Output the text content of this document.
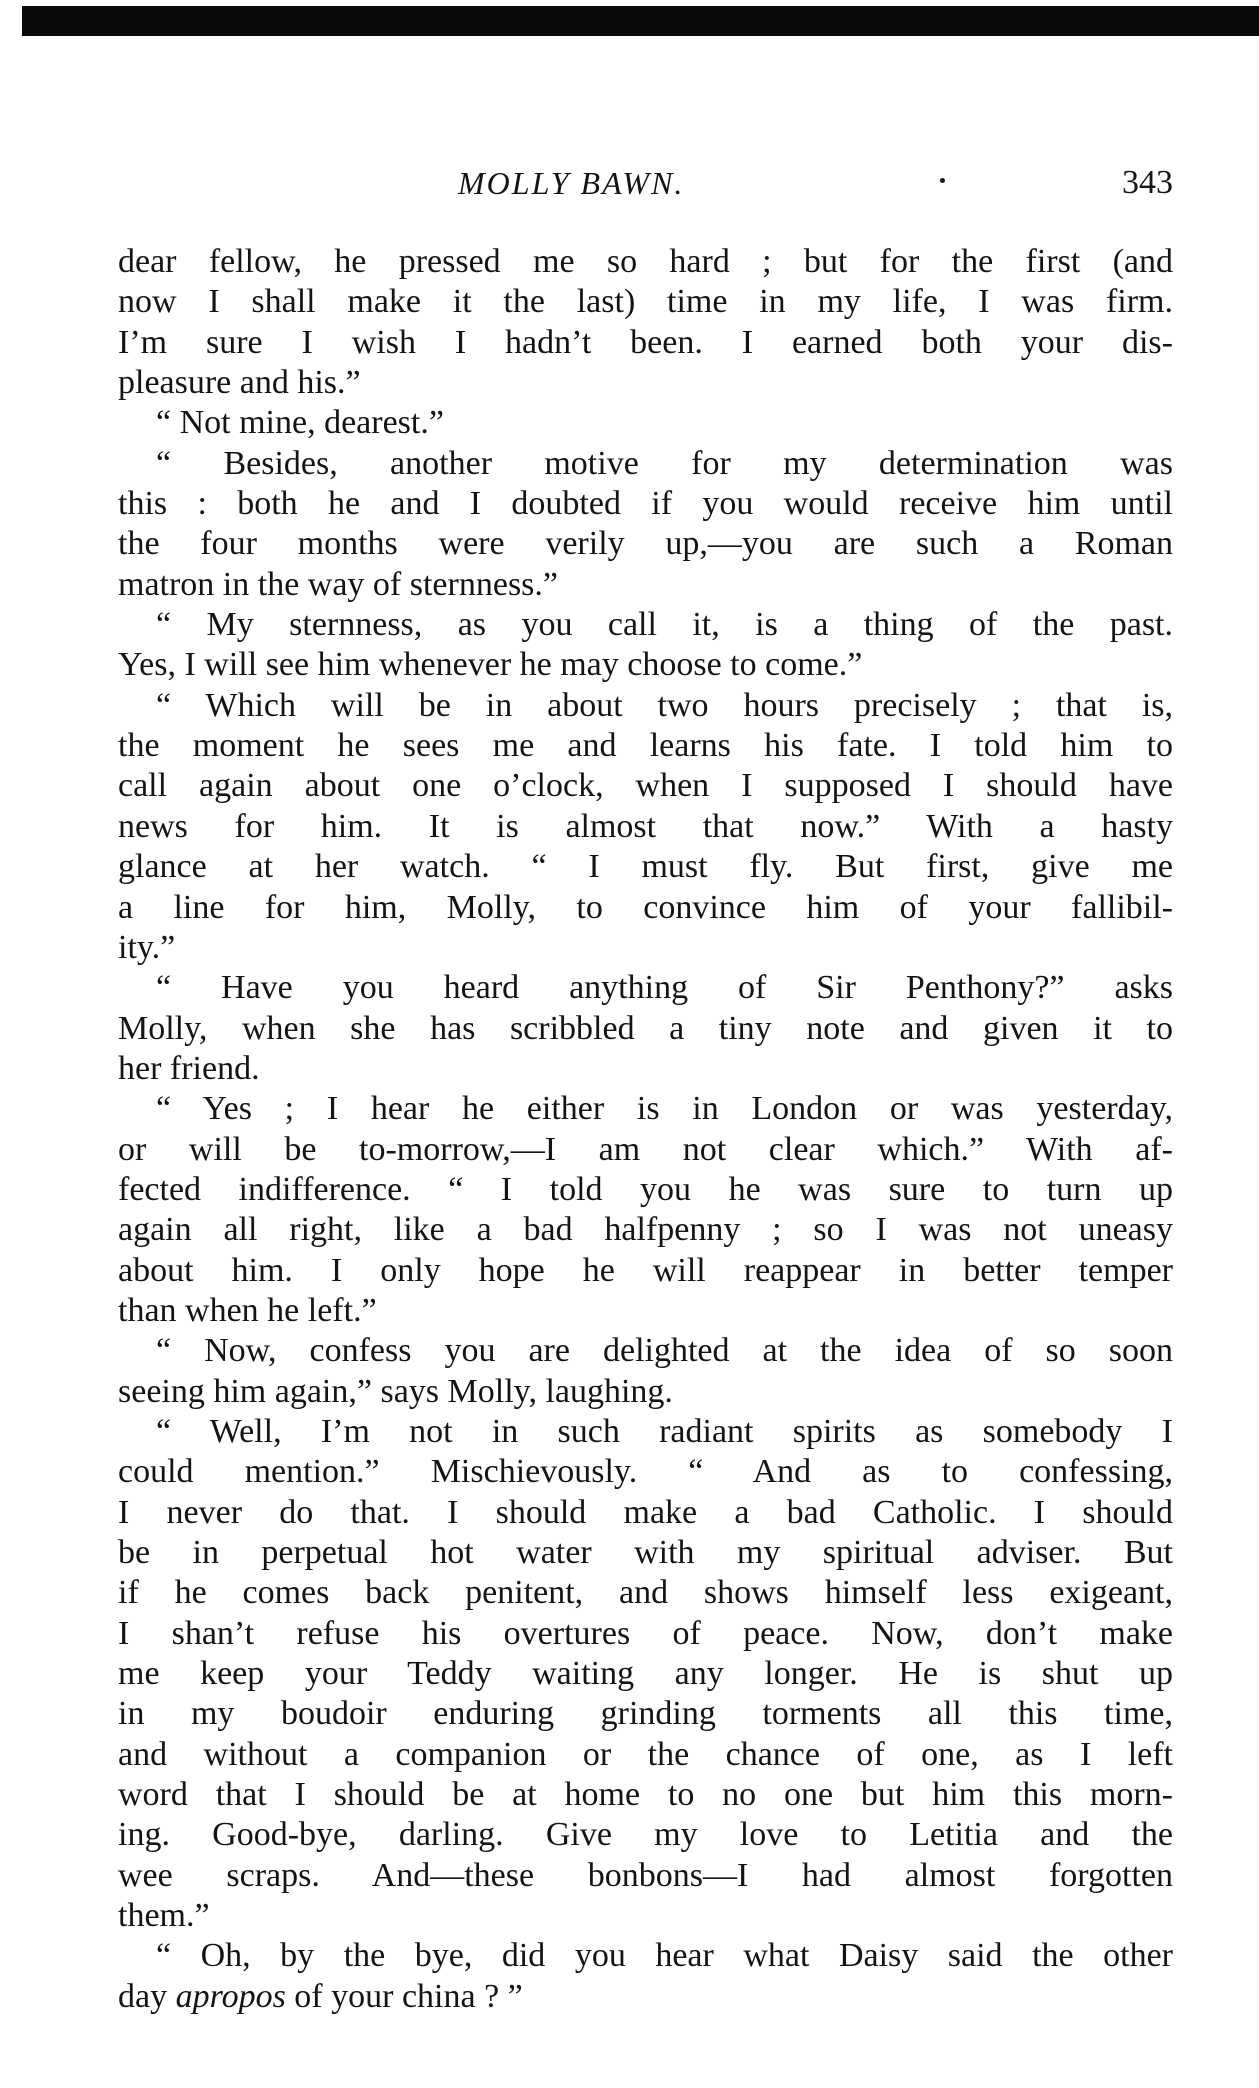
MOLLY BAWN.	343
dear fellow, he pressed me so hard ; but for the first (and
now I shall make it the last) time in my life, I was firm.
I’m sure I wish I hadn’t been. I earned both your dis-
pleasure and his.”
“ Not mine, dearest.”
“ Besides, another motive for my determination was
this : both he and I doubted if you would receive him until
the four months were verily up,—you are such a Roman
matron in the way of sternness.”
“ My sternness, as you call it, is a thing of the past.
Yes, I will see him whenever he may choose to come.”
“ Which will be in about two hours precisely ; that is,
the moment he sees me and learns his fate. I told him to
call again about one o’clock, when I supposed I should have
news for him. It is almost that now.” With a hasty
glance at her watch. “ I must fly. But first, give me
a line for him, Molly, to convince him of your fallibil-
ity.”
“ Have you heard anything of Sir Penthony?” asks
Molly, when she has scribbled a tiny note and given it to
her friend.
“ Yes ; I hear he either is in London or was yesterday,
or will be to-morrow,—I am not clear which.” With af-
fected indifference. “ I told you he was sure to turn up
again all right, like a bad halfpenny ; so I was not uneasy
about him. I only hope he will reappear in better temper
than when he left.”
“ Now, confess you are delighted at the idea of so soon
seeing him again,” says Molly, laughing.
“ Well, I’m not in such radiant spirits as somebody I
could mention.” Mischievously. “ And as to confessing,
I never do that. I should make a bad Catholic. I should
be in perpetual hot water with my spiritual adviser. But
if he comes back penitent, and shows himself less exigeant,
I shan’t refuse his overtures of peace. Now, don’t make
me keep your Teddy waiting any longer. He is shut up
in my boudoir enduring grinding torments all this time,
and without a companion or the chance of one, as I left
word that I should be at home to no one but him this morn-
ing. Good-bye, darling. Give my love to Letitia and the
wee scraps. And—these bonbons—I had almost forgotten
them.”
“ Oh, by the bye, did you hear what Daisy said the other
day apropos of your china ? ”
